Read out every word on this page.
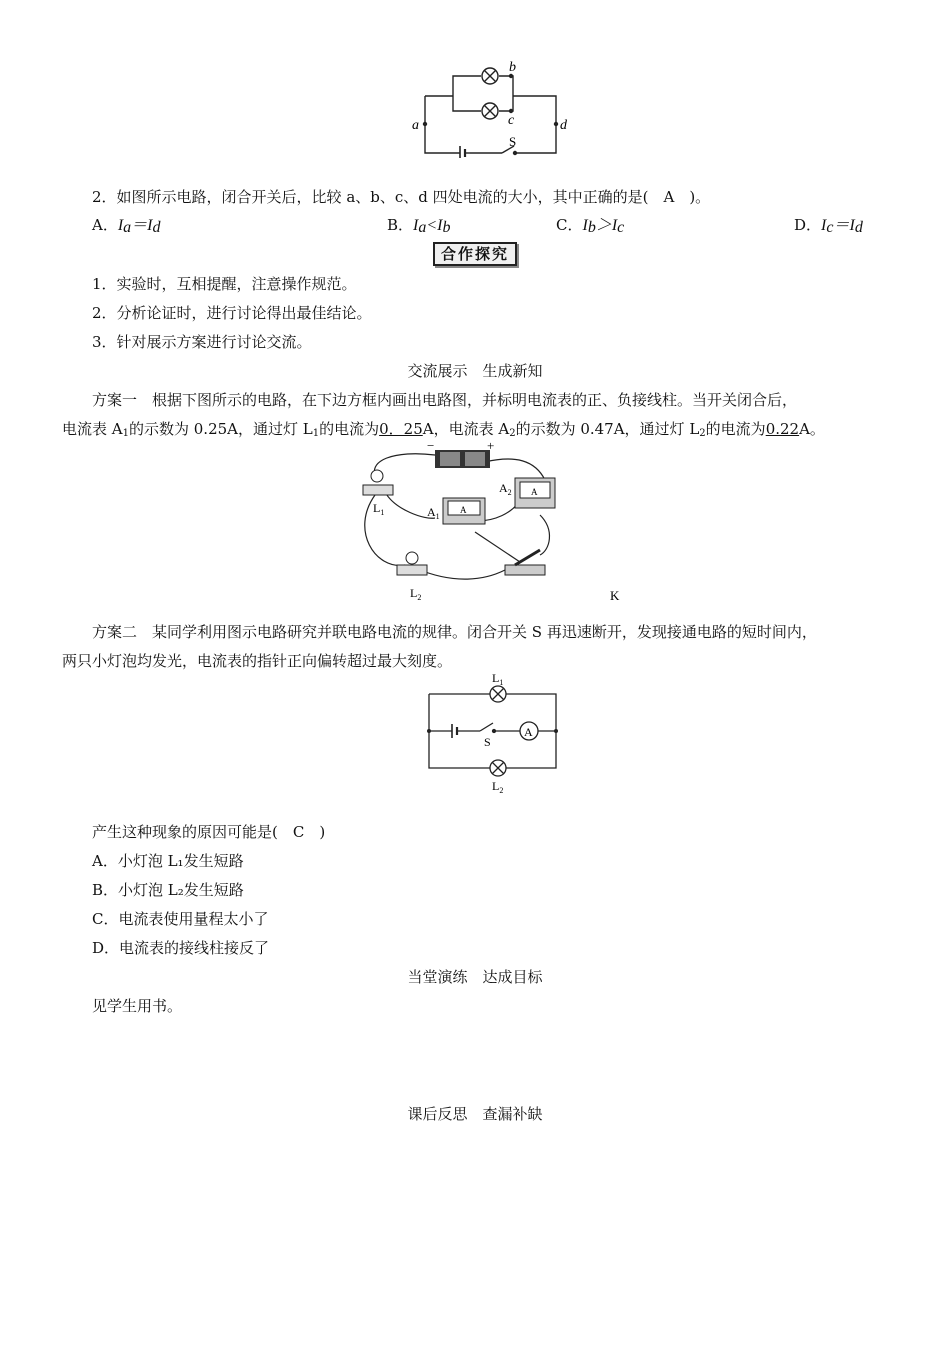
a
b
c	d
S
2．如图所示电路，闭合开关后，比较 a、b、c、d 四处电流的大小，其中正确的是(　A　)。
A．$I_a=I_d$	B．$I_a<I_b$	C．$I_b>I_c$	D．$I_c=I_d$
合作探究
1．实验时，互相提醒，注意操作规范。
2．分析论证时，进行讨论得出最佳结论。
3．针对展示方案进行讨论交流。
交流展示　生成新知
方案一　根据下图所示的电路，在下边方框内画出电路图，并标明电流表的正、负接线柱。当开关闭合后，
电流表 $A_1$的示数为 0.25A，通过灯 $L_1$的电流为0．25A，电流表 $A_2$的示数为 0.47A，通过灯 $L_2$的电流为0.22A。
−	+
$L_1$	A
$A_1$
A
$A_2$
$L_2$	K
方案二　某同学利用图示电路研究并联电路电流的规律。闭合开关 S 再迅速断开，发现接通电路的短时间内，
两只小灯泡均发光，电流表的指针正向偏转超过最大刻度。
A
S
$L_1$
$L_2$
产生这种现象的原因可能是(　C　)
A．小灯泡 L₁发生短路
B．小灯泡 L₂发生短路
C．电流表使用量程太小了
D．电流表的接线柱接反了
当堂演练　达成目标
见学生用书。
课后反思　查漏补缺
